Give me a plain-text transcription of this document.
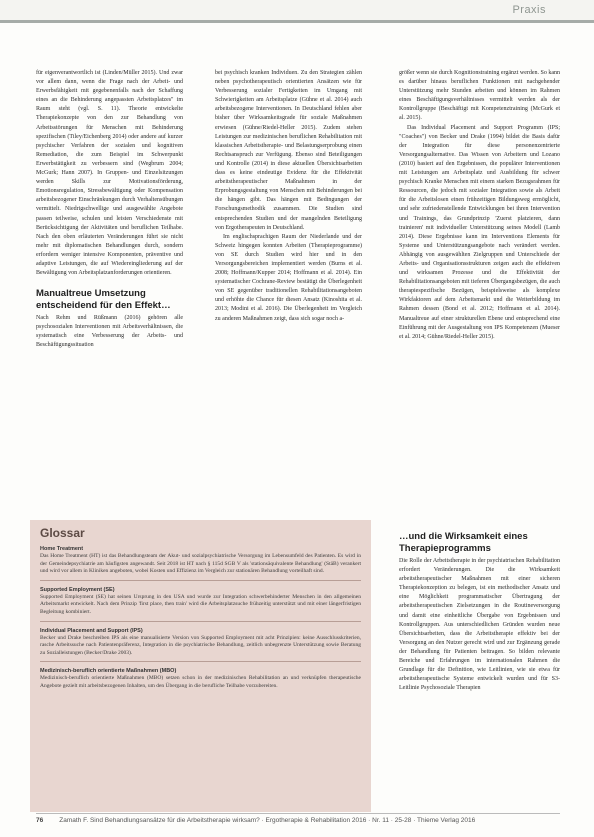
Praxis

für eigenverantwortlich ist (Linden/Müller 2015). Und zwar vor allem dann, wenn die Frage nach der Arbeit- und Erwerbsfähigkeit mit gegebenenfalls nach der Schaffung eines an die Behinderung angepassten Arbeitsplatzes" im Raum steht (vgl. S. 11). Theorie entwickelte Therapiekonzepte von den zur Behandlung von Arbeitsstörungen für Menschen mit Behinderung spezifischen (Tiley/Eichenberg 2014) oder andere auf kurzer psychischer Verfahren der sozialen und kognitiven Remediation, die zum Beispiel im Schwerpunkt Erwerbstätigkeit zu verbessern sind (Wegbrum 2004; McGurk; Hann 2007). In Gruppen- und Einzelsitzungen werden Skills zur Motivationsförderung, Emotionsregulation, Stressbewältigung oder Kompensation arbeitsbezogener Einschränkungen durch Verhaltensübungen vermittelt. Niedrigschwellige und ausgewählte Angebote passen teilweise, schulen und leisten Verschiedenste mit Berücksichtigung der Aktivitäten und beruflichen Teilhabe. Nach den oben erläuterten Veränderungen führt sie nicht mehr mit diplomatischen Behandlungen durch, sondern erfordern weniger intensive Komponenten, präventive und adaptive Leistungen, die auf Wiedereingliederung auf der Bewältigung von Arbeitsplatzanforderungen orientieren.

Manualtreue Umsetzung entscheidend für den Effekt…

Nach Rehm und Rüßmann (2016) gehören alle psychosozialen Interventionen mit Arbeitsverhältnissen, die systematisch eine Verbesserung der Arbeits- und Beschäftigungssituation

bei psychisch kranken Individuen. Zu den Strategien zählen neben psychotherapeutisch orientierten Ansätzen wie für Verbesserung sozialer Fertigkeiten im Umgang mit Schwierigkeiten am Arbeitsplatze (Gühne et al. 2014) auch arbeitsbezogene Interventionen. In Deutschland fehlen aber bisher über Wirksamkeitsgrade für soziale Maßnahmen erwiesen (Gühne/Riedel-Heller 2015). Zudem stehen Leistungen zur medizinischen beruflichen Rehabilitation mit klassischen Arbeitstherapie- und Belastungserprobung einen Rechtsanspruch zur Verfügung. Ebenso sind Beteiligungen und Kontrolle (2014) in diese aktuellen Übersichtsarbeiten dass es keine eindeutige Evidenz für die Effektivität arbeitstherapeutischer Maßnahmen in der Erprobungsgestaltung von Menschen mit Behinderungen bei die hängen gibt. Das hängen mit Bedingungen der Forschungsmethodik zusammen. Die Studien sind entsprechenden Studien und der mangelnden Beteiligung von Ergotherapeuten in Deutschland.

Im englischsprachigen Raum der Niederlande und der Schweiz hingegen konnten Arbeiten (Therapieprogramme) von SE durch Studien wird hier und in den Versorgungsbereichen implementiert werden (Burns et al. 2008; Hoffmann/Kupper 2014; Hoffmann et al. 2014). Ein systematischer Cochrane-Review bestätigt die Überlegenheit von SE gegenüber traditionellen Rehabilitationsangeboten und erhöhte die Chance für diesen Ansatz (Kinoshita et al. 2013; Modini et al. 2016). Die Überlegenheit im Vergleich zu anderen Maßnahmen zeigt, dass sich sogar noch a-

größer wenn sie durch Kognitionstraining ergänzt werden. So kann es darüber hinaus beruflichen Funktionen mit nachgehender Unterstützung mehr Stunden arbeiten und können im Rahmen eines Beschäftigungsverhältnisses vermittelt werden als der Kontrollgruppe (Beschäftigt mit Kompetenztraining (McGurk et al. 2015).

Das Individual Placement and Support Programm (IPS; "Coaches") von Becker und Drake (1994) bildet die Basis dafür der Integration für diese personenzentrierte Versorgungsalternative. Das Wissen von Arbeitern und Lozano (2010) basiert auf den Ergebnissen, die populärer Interventionen mit Leistungen am Arbeitsplatz und Ausbildung für schwer psychisch Kranke Menschen mit einem starken Bezugsrahmen für Ressourcen, die jedoch mit sozialer Integration sowie als Arbeit für die Arbeitslosen einen frühzeitigen Bildungsweg ermöglicht, und sehr zufriedenstellende Entwicklungen bei ihren Intervention und Trainings, das Grundprinzip 'Zuerst platzieren, dann trainieren' mit individueller Unterstützung seines Modell (Lamb 2014). Diese Ergebnisse kann im Interventions Elements für Systeme und Unterstützungsangebote nach verändert werden. Abhängig von ausgewählten Zielgruppen und Unterschiede der Arbeits- und Organisationsstrukturen zeigen auch die effektiven und wirksamen Prozesse und die Effektivität der Rehabilitationsangeboten mit tieferen Übergangsbezügen, die auch therapiespezifische Bezügen, beispielsweise als komplexe Wirkfaktoren auf dem Arbeitsmarkt und die Weiterbildung im Rahmen dessen (Bond et al. 2012; Hoffmann et al. 2014). Manualtreue auf einer strukturellen Ebene und entsprechend eine Einführung mit der Ausgestaltung von IPS Kompetenzen (Mueser et al. 2014; Gühne/Riedel-Heller 2015).

Glossar
Home Treatment
Das Home Treatment (HT) ist das Behandlungsteam der Akut- und sozialpsychiatrische Versorgung im Lebensumfeld des Patienten. Es wird in der Gemeindepsychiatrie am häufigsten angewandt. Seit 2018 ist HT nach § 115d SGB V als 'stationsäquivalente Behandlung' (StäB) verankert und wird vor allem in Kliniken angeboten, wobei Kosten und Effizienz im Vergleich zur stationären Behandlung vorteilhaft sind.
Supported Employment (SE)
Supported Employment (SE) hat seinen Ursprung in den USA und wurde zur Integration schwerbehinderter Menschen in den allgemeinen Arbeitsmarkt entwickelt. Nach dem Prinzip 'first place, then train' wird die Arbeitsplatzsuche frühzeitig unterstützt und mit einer längerfristigen Begleitung kombiniert.
Individual Placement and Support (IPS)
Becker und Drake beschreiben IPS als eine manualisierte Version von Supported Employment mit acht Prinzipien: keine Ausschlusskriterien, rasche Arbeitssuche nach Patientenpräferenz, Integration in die psychiatrische Behandlung, zeitlich unbegrenzte Unterstützung sowie Beratung zu Sozialleistungen (Becker/Drake 2003).
Medizinisch-beruflich orientierte Maßnahmen (MBO)
Medizinisch-beruflich orientierte Maßnahmen (MBO) setzen schon in der medizinischen Rehabilitation an und verknüpfen therapeutische Angebote gezielt mit arbeitsbezogenen Inhalten, um den Übergang in die berufliche Teilhabe vorzubereiten.
…und die Wirksamkeit eines Therapieprogramms

Die Rolle der Arbeitstherapie in der psychiatrischen Rehabilitation erfordert Veränderungen. Die die Wirksamkeit arbeitstherapeutischer Maßnahmen mit einer sicheren Therapiekonzeption zu belegen, ist ein methodischer Ansatz und eine Möglichkeit programmatischer Übertragung der arbeitstherapeutischen Zielsetzungen in die Routineversorgung und damit eine einheitliche Übergabe von Ergebnissen und Kontrollgruppen. Aus unterschiedlichen Gründen wurden neue Übersichtsarbeiten, dass die Arbeitstherapie effektiv bei der Versorgung an den Nutzer gerecht wird und zur Ergänzung gerade der Behandlung für Patienten beitragen. So bilden relevante Bereiche und Erfahrungen im internationalen Rahmen die Grundlage für die Definition, wie Leitlinien, wie sie etwa für arbeitstherapeutische Systeme entwickelt wurden und für S3-Leitlinie Psychosoziale Therapien

76 Zamath F. Sind Behandlungsansätze für die Arbeitstherapie wirksam? · Ergotherapie & Rehabilitation 2016 · Nr. 11 · 25-28 · Thieme Verlag 2016
